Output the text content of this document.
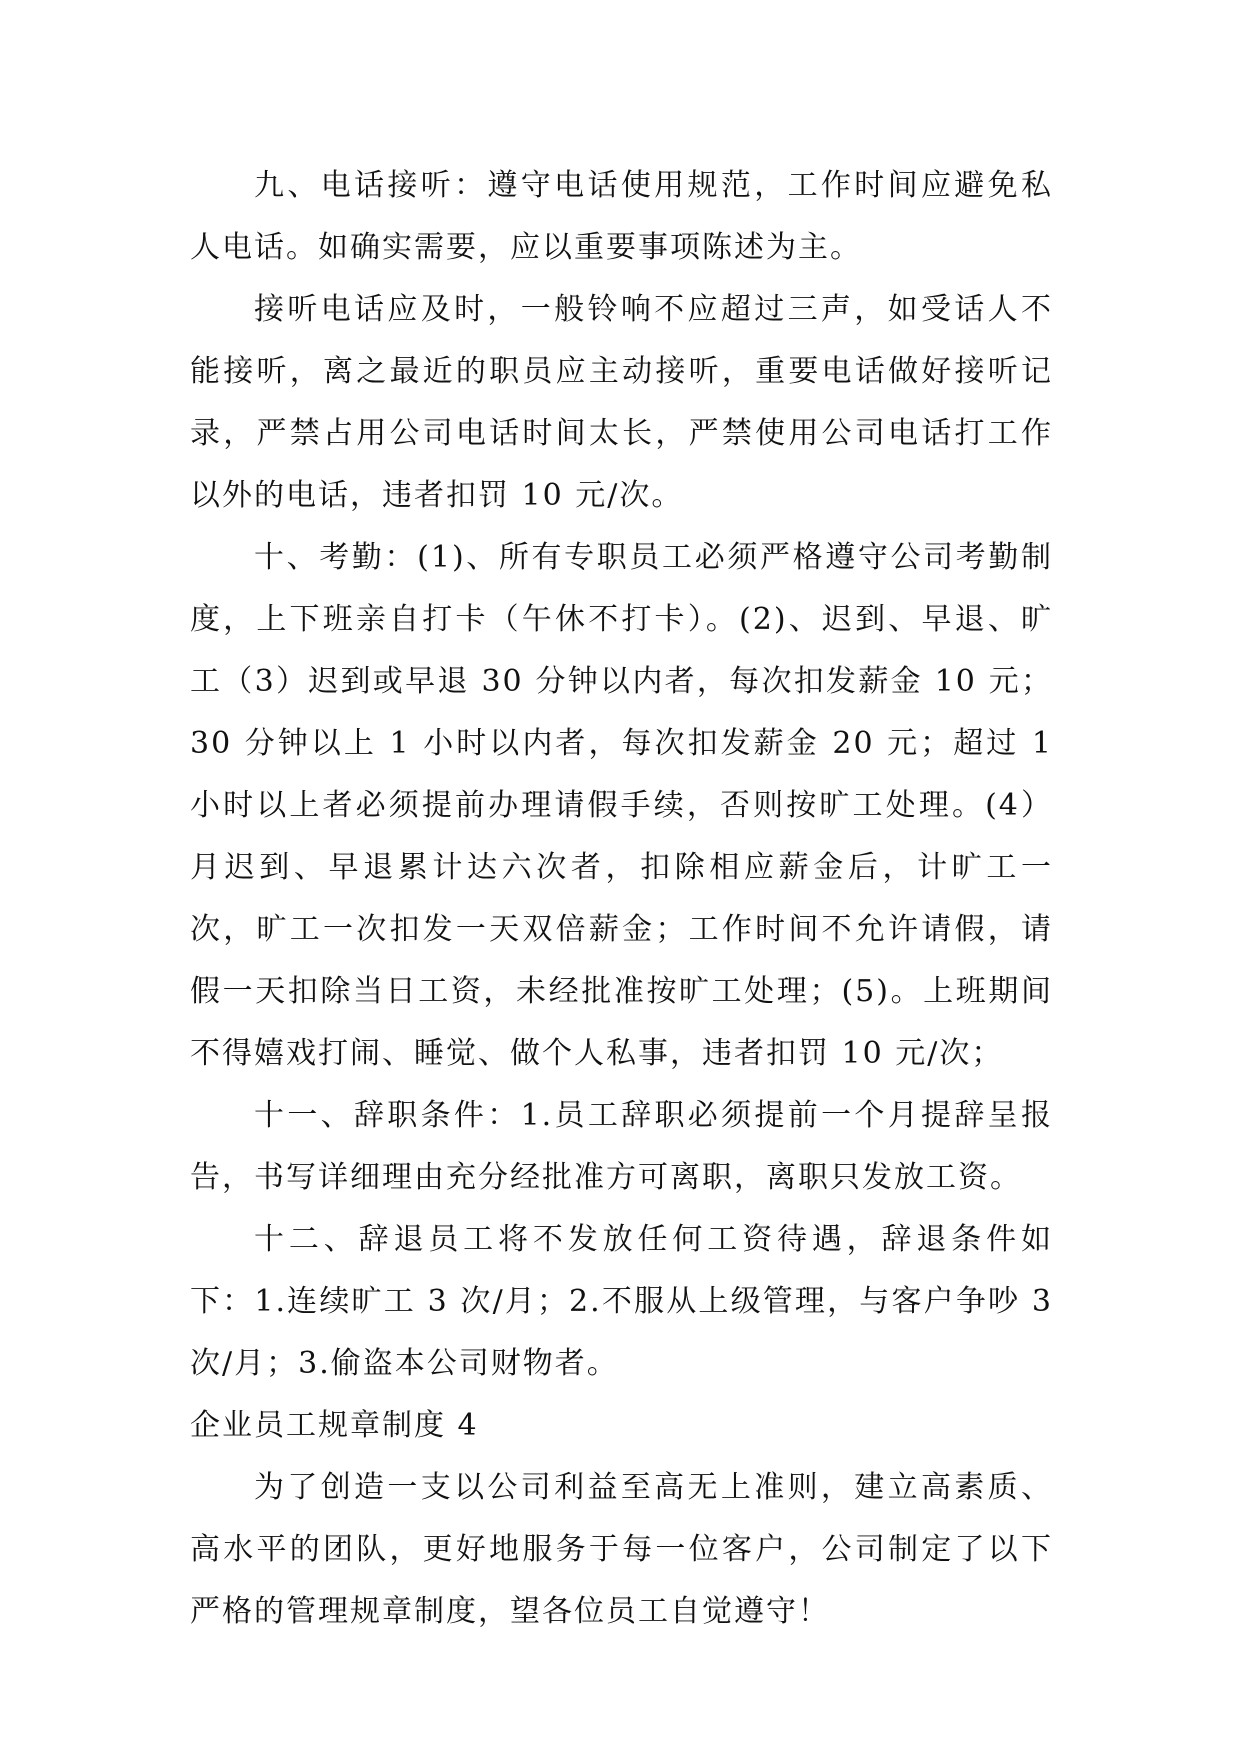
九、电话接听：遵守电话使用规范，工作时间应避免私人电话。如确实需要，应以重要事项陈述为主。

接听电话应及时，一般铃响不应超过三声，如受话人不能接听，离之最近的职员应主动接听，重要电话做好接听记录，严禁占用公司电话时间太长，严禁使用公司电话打工作以外的电话，违者扣罚 10 元/次。

十、考勤：(1)、所有专职员工必须严格遵守公司考勤制度，上下班亲自打卡（午休不打卡）。(2)、迟到、早退、旷工（3）迟到或早退 30 分钟以内者，每次扣发薪金 10 元；30 分钟以上 1 小时以内者，每次扣发薪金 20 元；超过 1 小时以上者必须提前办理请假手续，否则按旷工处理。(4）月迟到、早退累计达六次者，扣除相应薪金后，计旷工一次，旷工一次扣发一天双倍薪金；工作时间不允许请假，请假一天扣除当日工资，未经批准按旷工处理；(5)。上班期间不得嬉戏打闹、睡觉、做个人私事，违者扣罚 10 元/次；

十一、辞职条件：1.员工辞职必须提前一个月提辞呈报告，书写详细理由充分经批准方可离职，离职只发放工资。

十二、辞退员工将不发放任何工资待遇，辞退条件如下：1.连续旷工 3 次/月；2.不服从上级管理，与客户争吵 3 次/月；3.偷盗本公司财物者。

企业员工规章制度 4

为了创造一支以公司利益至高无上准则，建立高素质、高水平的团队，更好地服务于每一位客户，公司制定了以下严格的管理规章制度，望各位员工自觉遵守！
